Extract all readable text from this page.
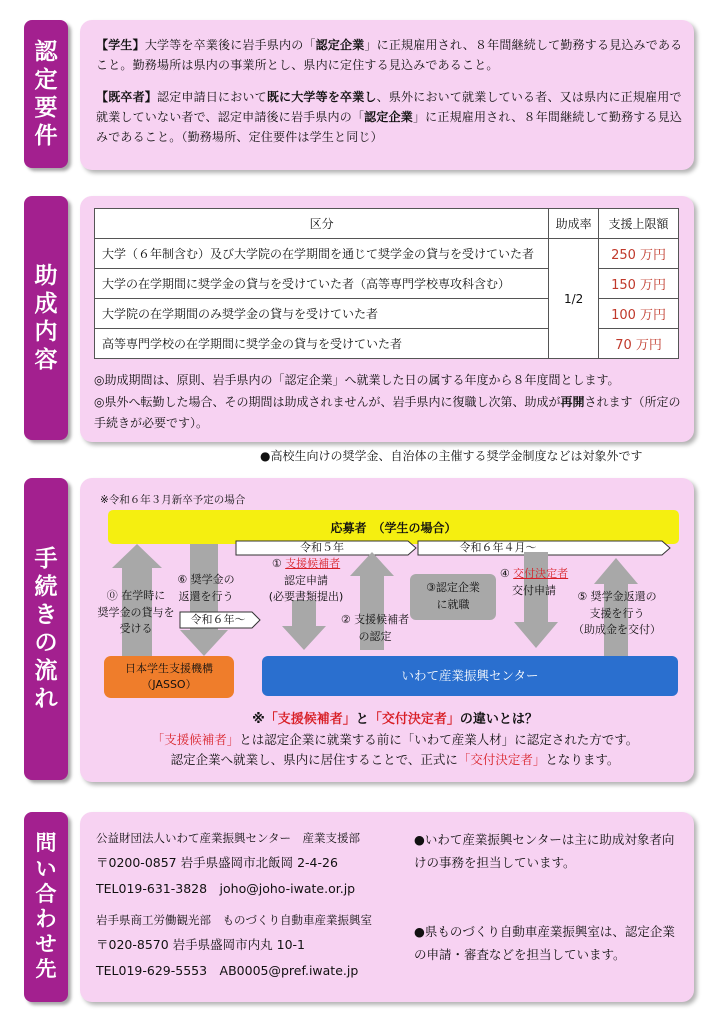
認
定
要
件
【学生】大学等を卒業後に岩手県内の「認定企業」に正規雇用され、８年間継続して勤務する見込みであること。勤務場所は県内の事業所とし、県内に定住する見込みであること。
【既卒者】認定申請日において既に大学等を卒業し、県外において就業している者、又は県内に正規雇用で就業していない者で、認定申請後に岩手県内の「認定企業」に正規雇用され、８年間継続して勤務する見込みであること。（勤務場所、定住要件は学生と同じ）
助
成
内
容
区分	助成率	支援上限額
大学（６年制含む）及び大学院の在学期間を通じて奨学金の貸与を受けていた者	1/2	250 万円
大学の在学期間に奨学金の貸与を受けていた者（高等専門学校専攻科含む）		150 万円
大学院の在学期間のみ奨学金の貸与を受けていた者		100 万円
高等専門学校の在学期間に奨学金の貸与を受けていた者		70 万円

◎助成期間は、原則、岩手県内の「認定企業」へ就業した日の属する年度から８年度間とします。

◎県外へ転勤した場合、その期間は助成されませんが、岩手県内に復職し次第、助成が再開されます（所定の手続きが必要です）。

●高校生向けの奨学金、自治体の主催する奨学金制度などは対象外です
手
続
き
の
流
れ
※令和６年３月新卒予定の場合
応募者　（学生の場合）
令和５年	令和６年４月～
令和６年～
⓪ 在学時に
奨学金の貸与を
受ける
⑥ 奨学金の
返還を行う
① 支援候補者
認定申請
(必要書類提出)
② 支援候補者
の認定
③認定企業
に就職
④ 交付決定者
交付申請	⑤ 奨学金返還の
支援を行う
（助成金を交付）
日本学生支援機構
（JASSO）
いわて産業振興センター
※「支援候補者」と「交付決定者」の違いとは？
「支援候補者」とは認定企業に就業する前に「いわて産業人材」に認定された方です。
認定企業へ就業し、県内に居住することで、正式に「交付決定者」となります。
問
い
合
わ
せ
先
公益財団法人いわて産業振興センター　産業支援部
〒0200-0857 岩手県盛岡市北飯岡 2-4-26
TEL019-631-3828　joho@joho-iwate.or.jp
岩手県商工労働観光部　ものづくり自動車産業振興室
〒020-8570 岩手県盛岡市内丸 10-1
TEL019-629-5553　AB0005@pref.iwate.jp
●いわて産業振興センターは主に助成対象者向けの事務を担当しています。
●県ものづくり自動車産業振興室は、認定企業の申請・審査などを担当しています。
